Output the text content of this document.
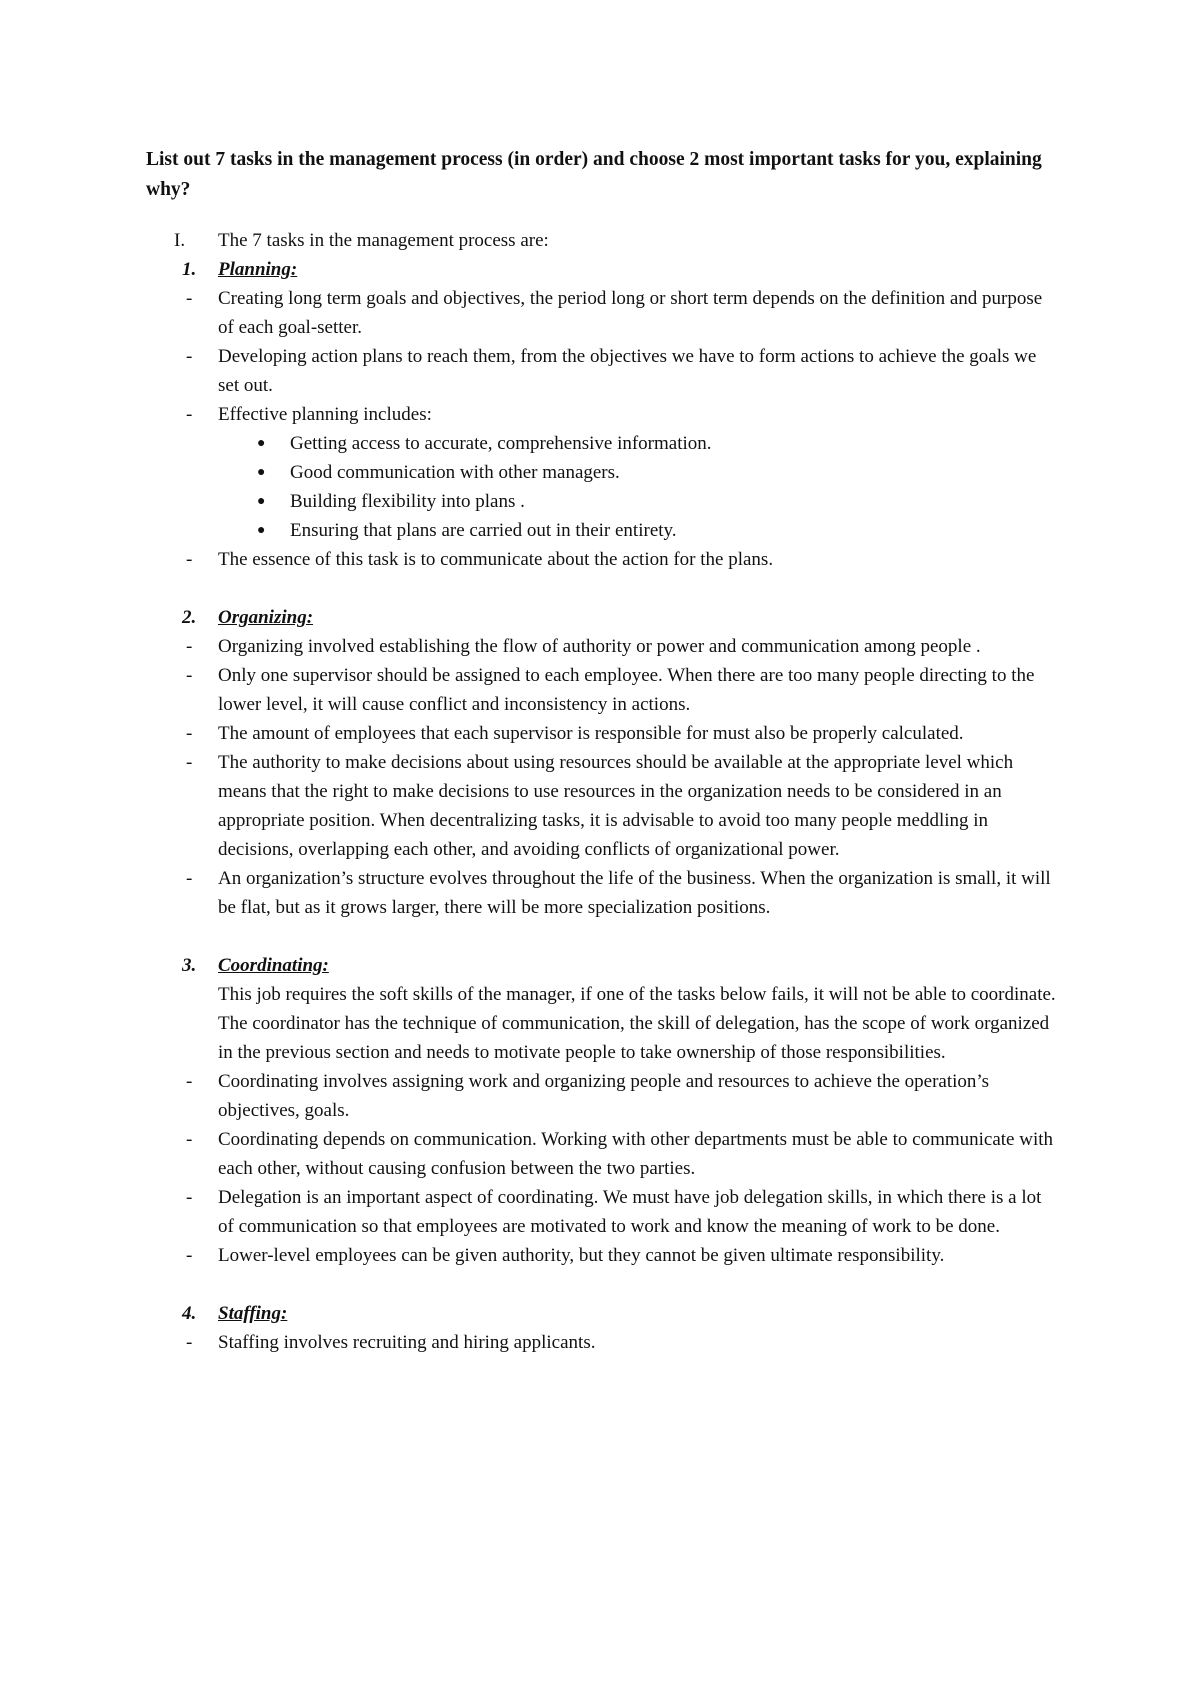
List out 7 tasks in the management process (in order) and choose 2 most important tasks for you, explaining why?

I. The 7 tasks in the management process are:
1. Planning:
- Creating long term goals and objectives, the period long or short term depends on the definition and purpose of each goal-setter.
- Developing action plans to reach them, from the objectives we have to form actions to achieve the goals we set out.
- Effective planning includes:
● Getting access to accurate, comprehensive information.
● Good communication with other managers.
● Building flexibility into plans .
● Ensuring that plans are carried out in their entirety.
- The essence of this task is to communicate about the action for the plans.
2. Organizing:
- Organizing involved establishing the flow of authority or power and communication among people .
- Only one supervisor should be assigned to each employee. When there are too many people directing to the lower level, it will cause conflict and inconsistency in actions.
- The amount of employees that each supervisor is responsible for must also be properly calculated.
- The authority to make decisions about using resources should be available at the appropriate level which means that the right to make decisions to use resources in the organization needs to be considered in an appropriate position. When decentralizing tasks, it is advisable to avoid too many people meddling in decisions, overlapping each other, and avoiding conflicts of organizational power.
- An organization’s structure evolves throughout the life of the business. When the organization is small, it will be flat, but as it grows larger, there will be more specialization positions.
3. Coordinating:
This job requires the soft skills of the manager, if one of the tasks below fails, it will not be able to coordinate. The coordinator has the technique of communication, the skill of delegation, has the scope of work organized in the previous section and needs to motivate people to take ownership of those responsibilities.
- Coordinating involves assigning work and organizing people and resources to achieve the operation’s objectives, goals.
- Coordinating depends on communication. Working with other departments must be able to communicate with each other, without causing confusion between the two parties.
- Delegation is an important aspect of coordinating. We must have job delegation skills, in which there is a lot of communication so that employees are motivated to work and know the meaning of work to be done.
- Lower-level employees can be given authority, but they cannot be given ultimate responsibility.
4. Staffing:
- Staffing involves recruiting and hiring applicants.
